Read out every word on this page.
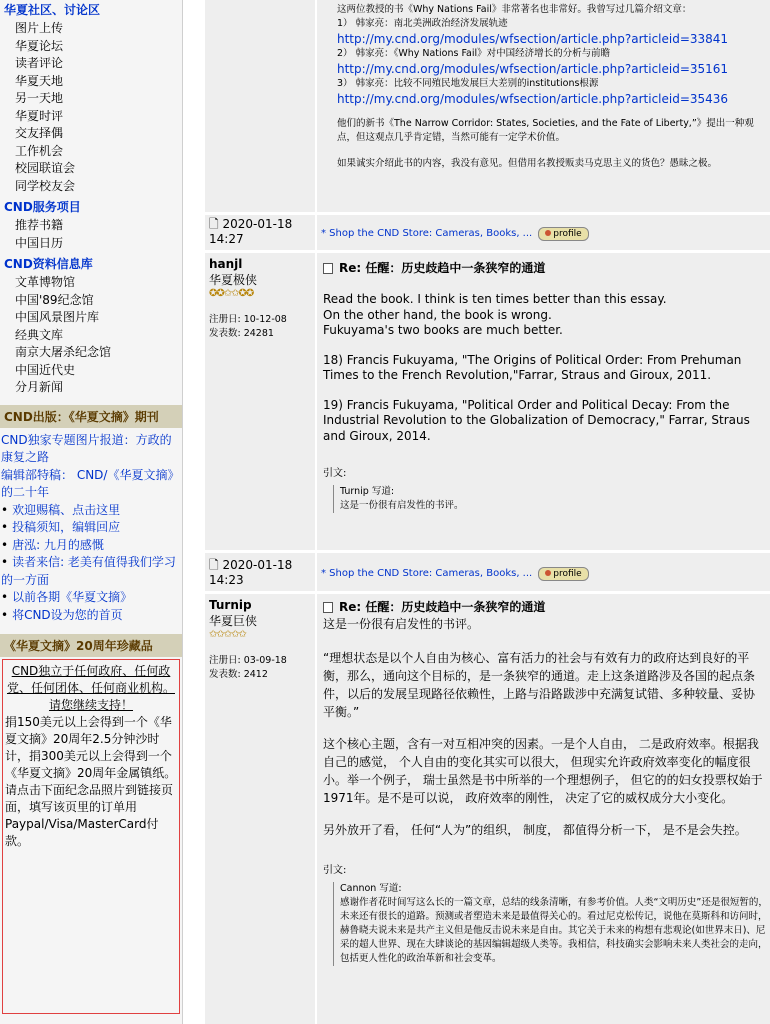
华夏社区、讨论区
图片上传
华夏论坛
读者评论
华夏天地
另一天地
华夏时评
交友择偶
工作机会
校园联谊会
同学校友会
CND服务项目
推荐书籍
中国日历
CND资料信息库
文革博物馆
中国'89纪念馆
中国风景图片库
经典文库
南京大屠杀纪念馆
中国近代史
分月新闻
CND出版：《华夏文摘》期刊
CND独家专题图片报道：方政的康复之路
编辑部特稿： CND/《华夏文摘》的二十年
• 欢迎赐稿、点击这里
• 投稿须知，编辑回应
• 唐泓: 九月的感慨
• 读者来信: 老美有值得我们学习的一方面
• 以前各期《华夏文摘》
• 将CND设为您的首页
《华夏文摘》20周年珍藏品
CND独立于任何政府、任何政党、任何团体、任何商业机构。
请您继续支持！
捐150美元以上会得到一个《华夏文摘》20周年2.5分钟沙时计，捐300美元以上会得到一个《华夏文摘》20周年金属镇纸。请点击下面纪念品照片到链接页面，填写该页里的订单用Paypal/Visa/MasterCard付款。
这两位教授的书《Why Nations Fail》非常著名也非常好。我曾写过几篇介绍文章：
1） 韩家亮：南北美洲政治经济发展轨迹
http://my.cnd.org/modules/wfsection/article.php?articleid=33841
2） 韩家亮：《Why Nations Fail》对中国经济增长的分析与前瞻
http://my.cnd.org/modules/wfsection/article.php?articleid=35161
3） 韩家亮：比较不同殖民地发展巨大差别的institutions根源
http://my.cnd.org/modules/wfsection/article.php?articleid=35436
他们的新书《The Narrow Corridor: States, Societies, and the Fate of Liberty,”》提出一种观点，但这观点几乎肯定错，当然可能有一定学术价值。
如果诚实介绍此书的内容，我没有意见。但借用名教授贩卖马克思主义的货色？愚昧之极。
🗋 2020-01-18
14:27	* Shop the CND Store: Cameras, Books, ... profile
hanjl
华夏极侠
✪✪✩✩✪✪
注册日: 10-12-08
发表数: 24281
Re: 任醒：历史歧趋中一条狭窄的通道

Read the book. I think is ten times better than this essay.
On the other hand, the book is wrong.
Fukuyama's two books are much better.

18) Francis Fukuyama, "The Origins of Political Order: From Prehuman Times to the French Revolution,"Farrar, Straus and Giroux, 2011.

19) Francis Fukuyama, "Political Order and Political Decay: From the Industrial Revolution to the Globalization of Democracy," Farrar, Straus and Giroux, 2014.

引文:
Turnip 写道:
这是一份很有启发性的书评。
🗋 2020-01-18
14:23	* Shop the CND Store: Cameras, Books, ... profile
Turnip
华夏巨侠
✩✩✩✩✩
注册日: 03-09-18
发表数: 2412
Re: 任醒：历史歧趋中一条狭窄的通道

这是一份很有启发性的书评。

“理想状态是以个人自由为核心、富有活力的社会与有效有力的政府达到良好的平衡，那么，通向这个目标的，是一条狭窄的通道。走上这条道路涉及各国的起点条件，以后的发展呈现路径依赖性，上路与沿路跋涉中充满复试错、多种较量、妥协平衡。”

这个核心主题，含有一对互相冲突的因素。一是个人自由， 二是政府效率。根据我自己的感觉， 个人自由的变化其实可以很大， 但现实允许政府效率变化的幅度很小。举一个例子， 瑞士虽然是书中所举的一个理想例子， 但它的的妇女投票权始于1971年。是不是可以说， 政府效率的刚性， 决定了它的威权成分大小变化。

另外放开了看， 任何“人为”的组织， 制度， 都值得分析一下， 是不是会失控。

引文:
Cannon 写道:
感谢作者花时间写这么长的一篇文章，总结的线条清晰，有参考价值。人类“文明历史”还是很短暂的，未来还有很长的道路。预测或者塑造未来是最值得关心的。看过尼克松传记，说他在莫斯科和访问时，赫鲁晓夫说未来是共产主义但是他反击说未来是自由。其它关于未来的构想有悲观论(如世界末日)、尼采的超人世界、现在大肆谈论的基因编辑超级人类等。我相信，科技确实会影响未来人类社会的走向，包括更人性化的政治革新和社会变革。
